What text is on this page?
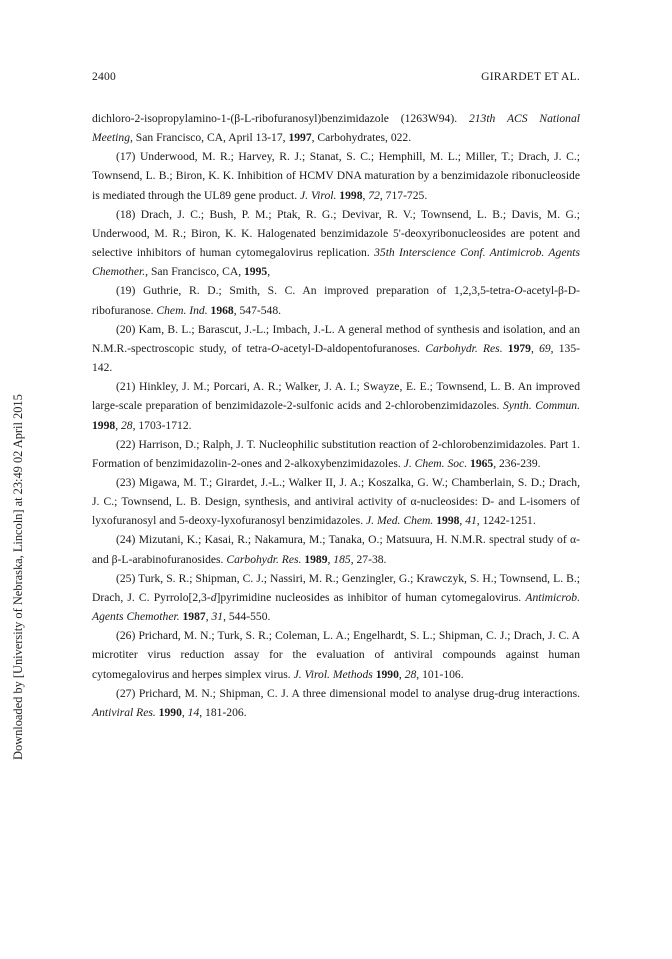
2400	GIRARDET ET AL.
Downloaded by [University of Nebraska, Lincoln] at 23:49 02 April 2015

dichloro-2-isopropylamino-1-(β-L-ribofuranosyl)benzimidazole (1263W94). 213th ACS National Meeting, San Francisco, CA, April 13-17, 1997, Carbohydrates, 022.

(17) Underwood, M. R.; Harvey, R. J.; Stanat, S. C.; Hemphill, M. L.; Miller, T.; Drach, J. C.; Townsend, L. B.; Biron, K. K. Inhibition of HCMV DNA maturation by a benzimidazole ribonucleoside is mediated through the UL89 gene product. J. Virol. 1998, 72, 717-725.

(18) Drach, J. C.; Bush, P. M.; Ptak, R. G.; Devivar, R. V.; Townsend, L. B.; Davis, M. G.; Underwood, M. R.; Biron, K. K. Halogenated benzimidazole 5'-deoxyribonucleosides are potent and selective inhibitors of human cytomegalovirus replication. 35th Interscience Conf. Antimicrob. Agents Chemother., San Francisco, CA, 1995,

(19) Guthrie, R. D.; Smith, S. C. An improved preparation of 1,2,3,5-tetra-O-acetyl-β-D-ribofuranose. Chem. Ind. 1968, 547-548.

(20) Kam, B. L.; Barascut, J.-L.; Imbach, J.-L. A general method of synthesis and isolation, and an N.M.R.-spectroscopic study, of tetra-O-acetyl-D-aldopentofuranoses. Carbohydr. Res. 1979, 69, 135-142.

(21) Hinkley, J. M.; Porcari, A. R.; Walker, J. A. I.; Swayze, E. E.; Townsend, L. B. An improved large-scale preparation of benzimidazole-2-sulfonic acids and 2-chlorobenzimidazoles. Synth. Commun. 1998, 28, 1703-1712.

(22) Harrison, D.; Ralph, J. T. Nucleophilic substitution reaction of 2-chlorobenzimidazoles. Part 1. Formation of benzimidazolin-2-ones and 2-alkoxybenzimidazoles. J. Chem. Soc. 1965, 236-239.

(23) Migawa, M. T.; Girardet, J.-L.; Walker II, J. A.; Koszalka, G. W.; Chamberlain, S. D.; Drach, J. C.; Townsend, L. B. Design, synthesis, and antiviral activity of α-nucleosides: D- and L-isomers of lyxofuranosyl and 5-deoxy-lyxofuranosyl benzimidazoles. J. Med. Chem. 1998, 41, 1242-1251.

(24) Mizutani, K.; Kasai, R.; Nakamura, M.; Tanaka, O.; Matsuura, H. N.M.R. spectral study of α- and β-L-arabinofuranosides. Carbohydr. Res. 1989, 185, 27-38.

(25) Turk, S. R.; Shipman, C. J.; Nassiri, M. R.; Genzingler, G.; Krawczyk, S. H.; Townsend, L. B.; Drach, J. C. Pyrrolo[2,3-d]pyrimidine nucleosides as inhibitor of human cytomegalovirus. Antimicrob. Agents Chemother. 1987, 31, 544-550.

(26) Prichard, M. N.; Turk, S. R.; Coleman, L. A.; Engelhardt, S. L.; Shipman, C. J.; Drach, J. C. A microtiter virus reduction assay for the evaluation of antiviral compounds against human cytomegalovirus and herpes simplex virus. J. Virol. Methods 1990, 28, 101-106.

(27) Prichard, M. N.; Shipman, C. J. A three dimensional model to analyse drug-drug interactions. Antiviral Res. 1990, 14, 181-206.
